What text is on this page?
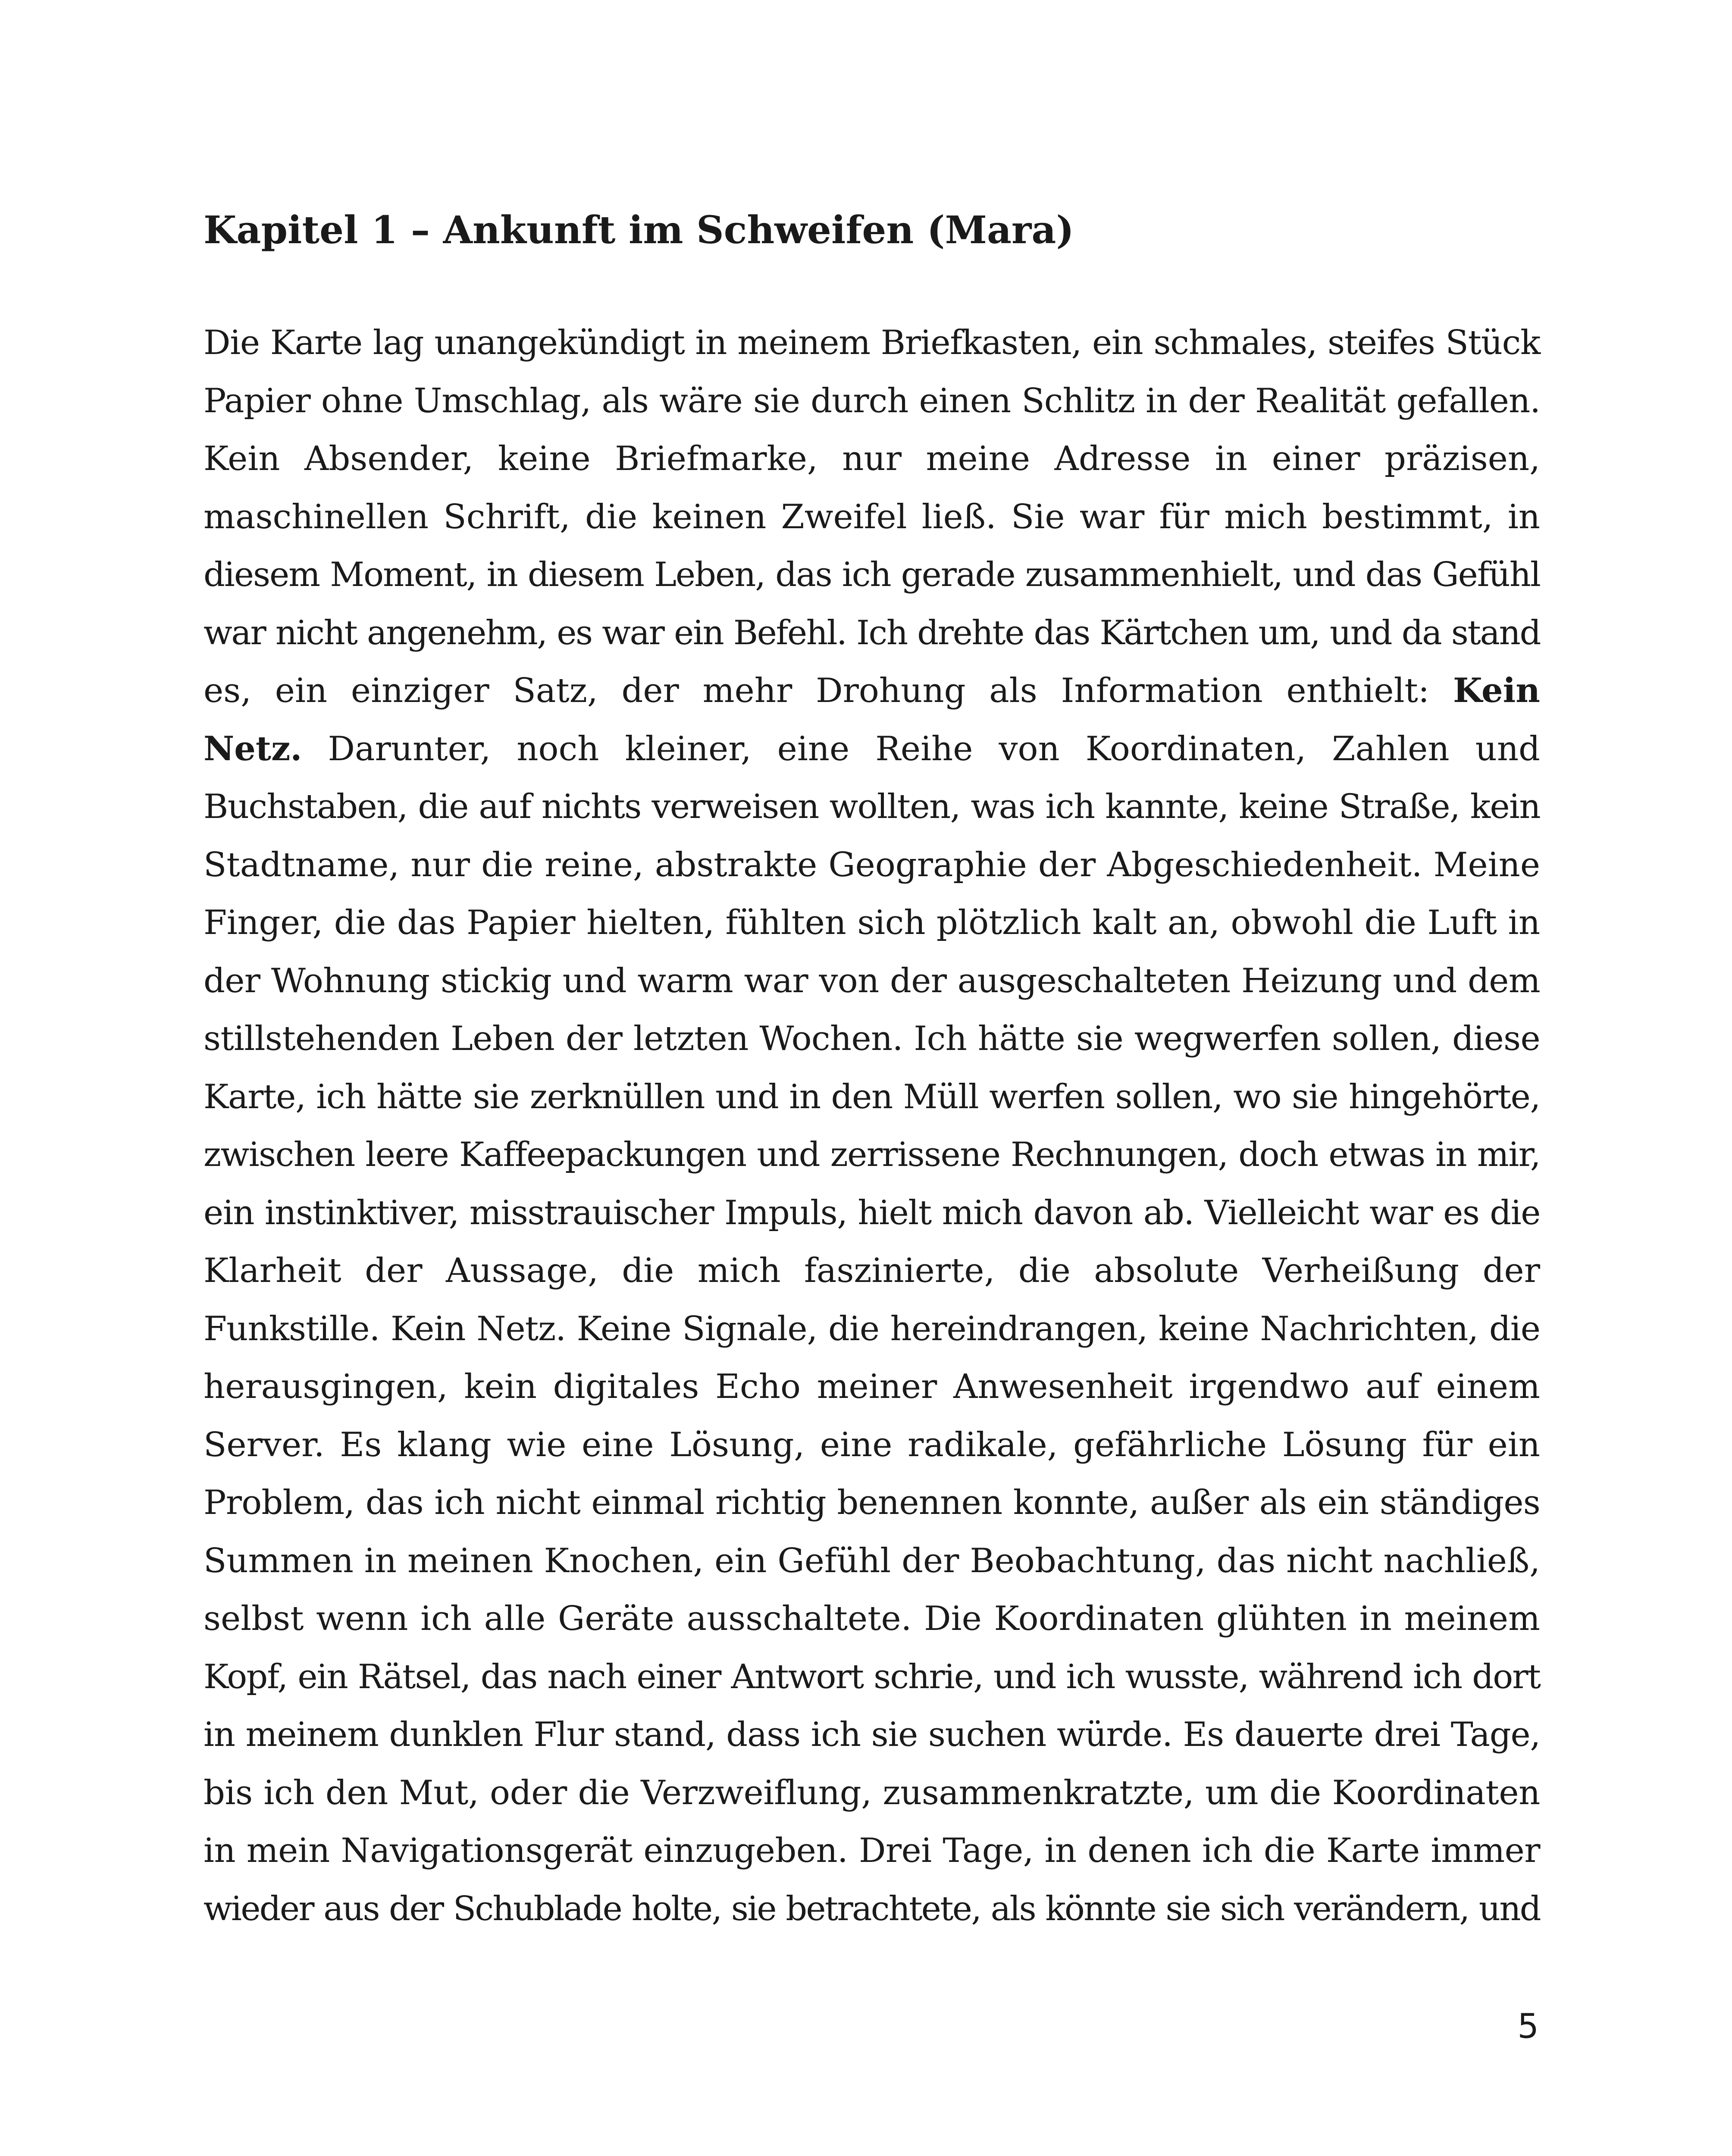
Kapitel 1 – Ankunft im Schweifen (Mara)
Die Karte lag unangekündigt in meinem Briefkasten, ein schmales, steifes Stück
Papier ohne Umschlag, als wäre sie durch einen Schlitz in der Realität gefallen.
Kein Absender, keine Briefmarke, nur meine Adresse in einer präzisen,
maschinellen Schrift, die keinen Zweifel ließ. Sie war für mich bestimmt, in
diesem Moment, in diesem Leben, das ich gerade zusammenhielt, und das Gefühl
war nicht angenehm, es war ein Befehl. Ich drehte das Kärtchen um, und da stand
es, ein einziger Satz, der mehr Drohung als Information enthielt: Kein
Netz. Darunter, noch kleiner, eine Reihe von Koordinaten, Zahlen und
Buchstaben, die auf nichts verweisen wollten, was ich kannte, keine Straße, kein
Stadtname, nur die reine, abstrakte Geographie der Abgeschiedenheit. Meine
Finger, die das Papier hielten, fühlten sich plötzlich kalt an, obwohl die Luft in
der Wohnung stickig und warm war von der ausgeschalteten Heizung und dem
stillstehenden Leben der letzten Wochen. Ich hätte sie wegwerfen sollen, diese
Karte, ich hätte sie zerknüllen und in den Müll werfen sollen, wo sie hingehörte,
zwischen leere Kaffeepackungen und zerrissene Rechnungen, doch etwas in mir,
ein instinktiver, misstrauischer Impuls, hielt mich davon ab. Vielleicht war es die
Klarheit der Aussage, die mich faszinierte, die absolute Verheißung der
Funkstille. Kein Netz. Keine Signale, die hereindrangen, keine Nachrichten, die
herausgingen, kein digitales Echo meiner Anwesenheit irgendwo auf einem
Server. Es klang wie eine Lösung, eine radikale, gefährliche Lösung für ein
Problem, das ich nicht einmal richtig benennen konnte, außer als ein ständiges
Summen in meinen Knochen, ein Gefühl der Beobachtung, das nicht nachließ,
selbst wenn ich alle Geräte ausschaltete. Die Koordinaten glühten in meinem
Kopf, ein Rätsel, das nach einer Antwort schrie, und ich wusste, während ich dort
in meinem dunklen Flur stand, dass ich sie suchen würde. Es dauerte drei Tage,
bis ich den Mut, oder die Verzweiflung, zusammenkratzte, um die Koordinaten
in mein Navigationsgerät einzugeben. Drei Tage, in denen ich die Karte immer
wieder aus der Schublade holte, sie betrachtete, als könnte sie sich verändern, und
5
